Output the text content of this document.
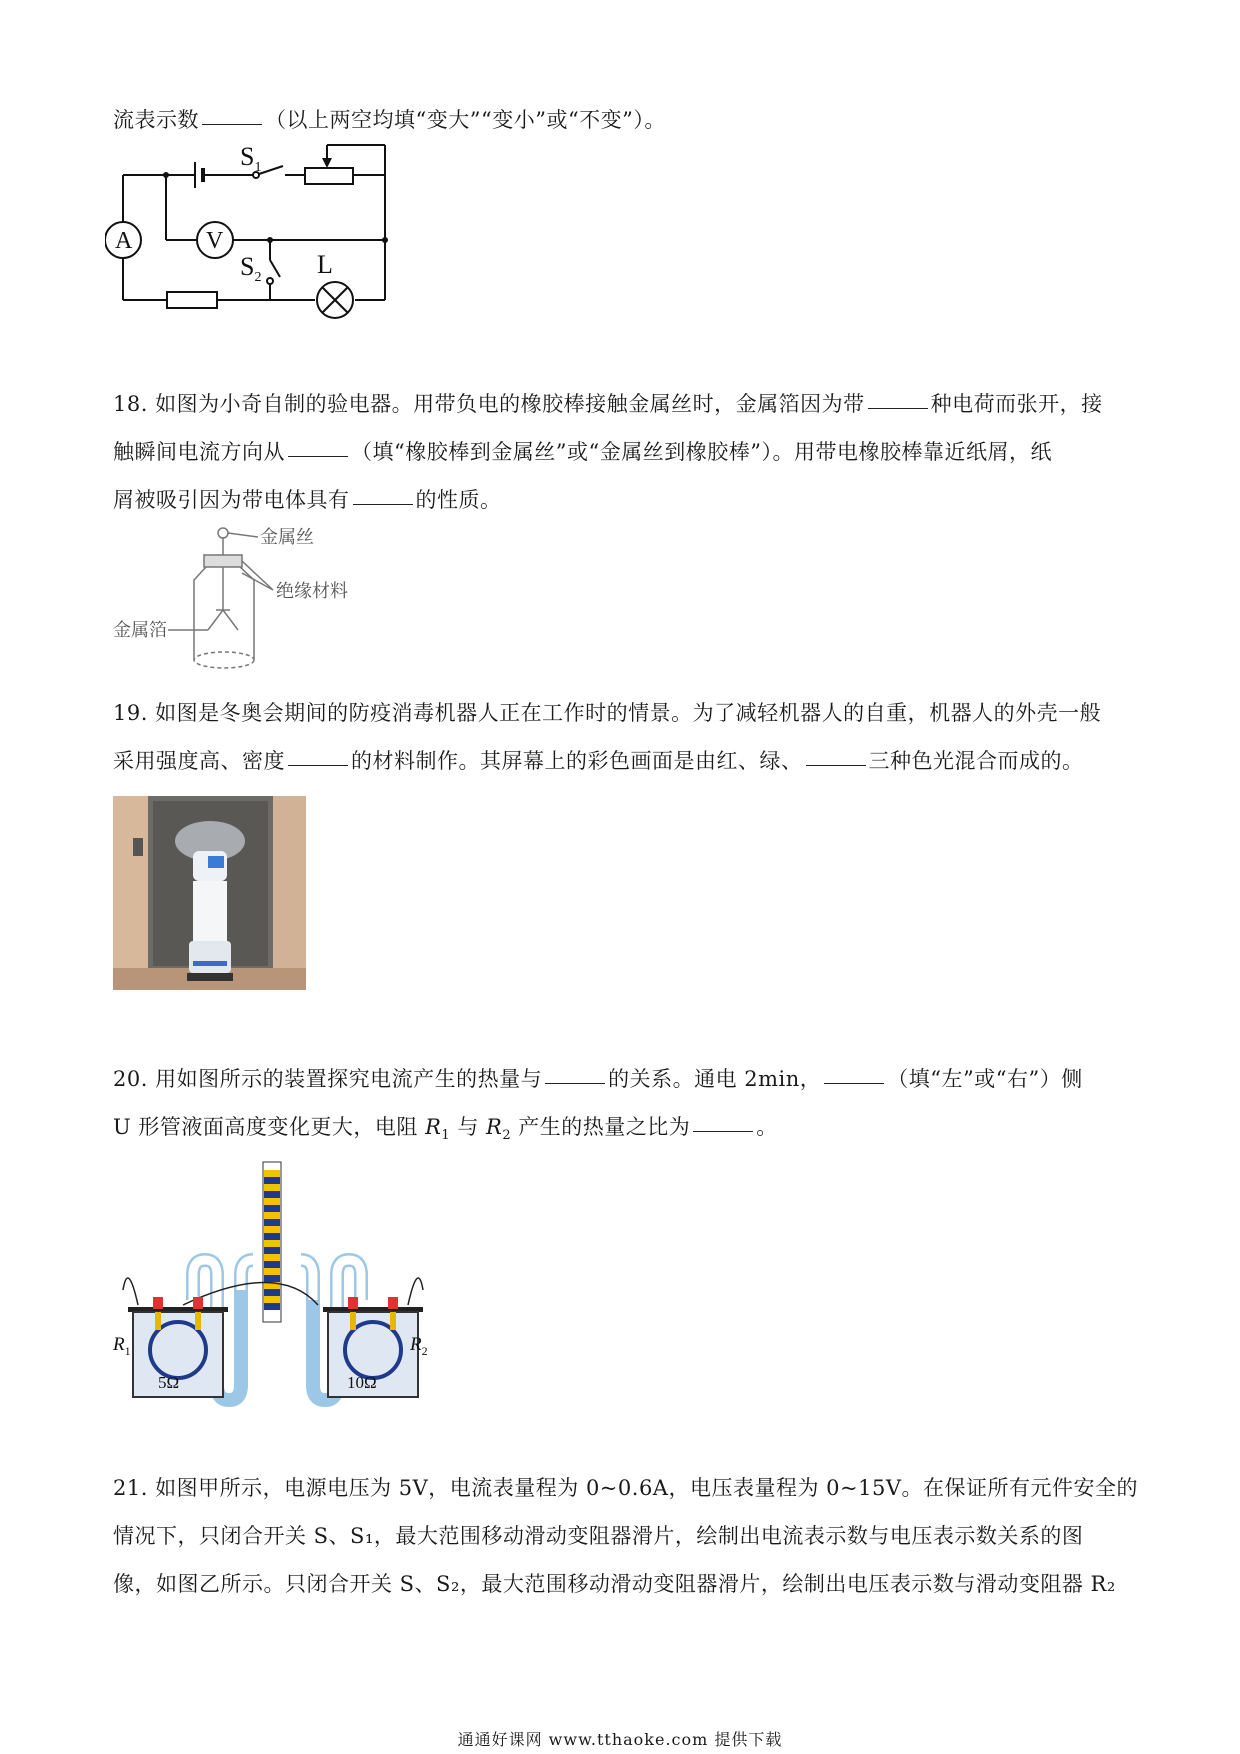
流表示数	（以上两空均填“变大”“变小”或“不变”）。
A	V
$S_1$
$S_2$ L
18. 如图为小奇自制的验电器。用带负电的橡胶棒接触金属丝时，金属箔因为带	种电荷而张开，接
触瞬间电流方向从	（填“橡胶棒到金属丝”或“金属丝到橡胶棒”）。用带电橡胶棒靠近纸屑，纸
屑被吸引因为带电体具有	的性质。
金属丝
绝缘材料
金属箔
19. 如图是冬奥会期间的防疫消毒机器人正在工作时的情景。为了减轻机器人的自重，机器人的外壳一般
采用强度高、密度	的材料制作。其屏幕上的彩色画面是由红、绿、	三种色光混合而成的。
20. 用如图所示的装置探究电流产生的热量与	的关系。通电 2min，	（填“左”或“右”）侧
U 形管液面高度变化更大，电阻 $R_1$ 与 $R_2$ 产生的热量之比为	。
5Ω	10Ω
$R_1$	$R_2$
21. 如图甲所示，电源电压为 5V，电流表量程为 0~0.6A，电压表量程为 0~15V。在保证所有元件安全的
情况下，只闭合开关 S、S₁，最大范围移动滑动变阻器滑片，绘制出电流表示数与电压表示数关系的图
像，如图乙所示。只闭合开关 S、S₂，最大范围移动滑动变阻器滑片，绘制出电压表示数与滑动变阻器 R₂
通通好课网 www.tthaoke.com 提供下载
